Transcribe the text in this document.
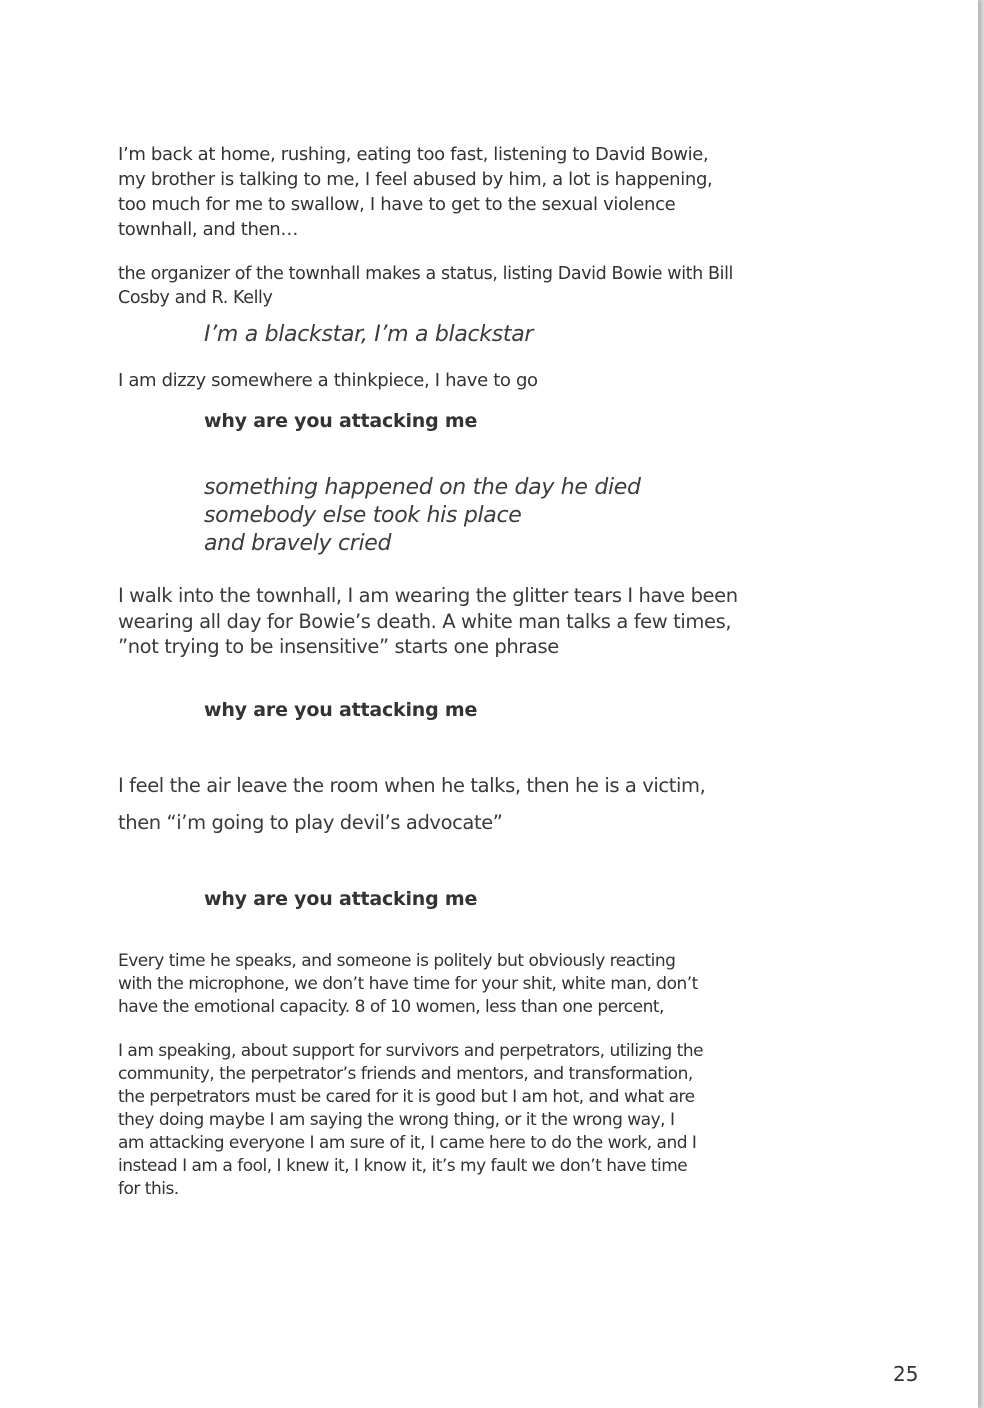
I’m back at home, rushing, eating too fast, listening to David Bowie,
my brother is talking to me, I feel abused by him, a lot is happening,
too much for me to swallow, I have to get to the sexual violence
townhall, and then…

the organizer of the townhall makes a status, listing David Bowie with Bill
Cosby and R. Kelly

I’m a blackstar, I’m a blackstar

I am dizzy somewhere a thinkpiece, I have to go

why are you attacking me

something happened on the day he died
somebody else took his place
and bravely cried

I walk into the townhall, I am wearing the glitter tears I have been
wearing all day for Bowie’s death. A white man talks a few times,
”not trying to be insensitive” starts one phrase

why are you attacking me

I feel the air leave the room when he talks, then he is a victim,

then “i’m going to play devil’s advocate”

why are you attacking me

Every time he speaks, and someone is politely but obviously reacting
with the microphone, we don’t have time for your shit, white man, don’t
have the emotional capacity. 8 of 10 women, less than one percent,

I am speaking, about support for survivors and perpetrators, utilizing the
community, the perpetrator’s friends and mentors, and transformation,
the perpetrators must be cared for it is good but I am hot, and what are
they doing maybe I am saying the wrong thing, or it the wrong way, I
am attacking everyone I am sure of it, I came here to do the work, and I
instead I am a fool, I knew it, I know it, it’s my fault we don’t have time
for this.

25
